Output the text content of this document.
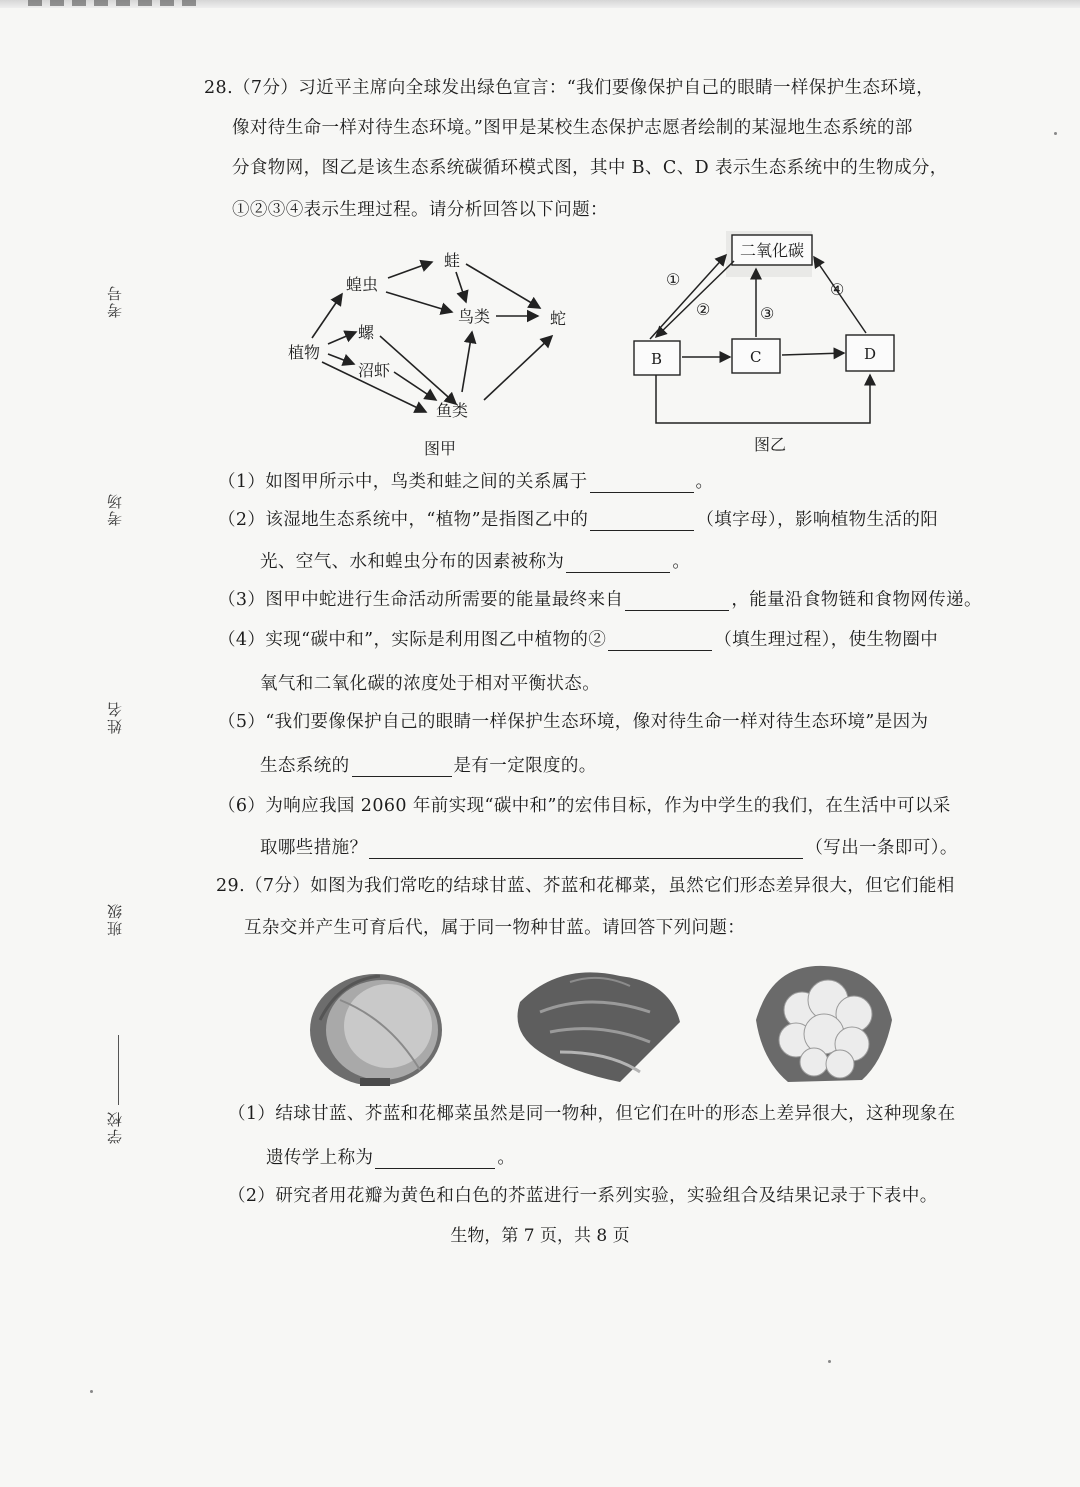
考号
考场
姓名
班级
学校
28.（7分）习近平主席向全球发出绿色宣言：“我们要像保护自己的眼睛一样保护生态环境，
像对待生命一样对待生态环境。”图甲是某校生态保护志愿者绘制的某湿地生态系统的部
分食物网，图乙是该生态系统碳循环模式图，其中 B、C、D 表示生态系统中的生物成分，
①②③④表示生理过程。请分析回答以下问题：
植物
蝗虫
螺
沼虾
蛙
鸟类
鱼类
蛇
图甲
二氧化碳
B	C	D
①
②	③
④
图乙
（1）如图甲所示中，鸟类和蛙之间的关系属于	。
（2）该湿地生态系统中，“植物”是指图乙中的	（填字母），影响植物生活的阳
光、空气、水和蝗虫分布的因素被称为	。
（3）图甲中蛇进行生命活动所需要的能量最终来自	，能量沿食物链和食物网传递。
（4）实现“碳中和”，实际是利用图乙中植物的②	（填生理过程），使生物圈中
氧气和二氧化碳的浓度处于相对平衡状态。
（5）“我们要像保护自己的眼睛一样保护生态环境，像对待生命一样对待生态环境”是因为
生态系统的	是有一定限度的。
（6）为响应我国 2060 年前实现“碳中和”的宏伟目标，作为中学生的我们，在生活中可以采
取哪些措施？	（写出一条即可）。
29.（7分）如图为我们常吃的结球甘蓝、芥蓝和花椰菜，虽然它们形态差异很大，但它们能相
互杂交并产生可育后代，属于同一物种甘蓝。请回答下列问题：
（1）结球甘蓝、芥蓝和花椰菜虽然是同一物种，但它们在叶的形态上差异很大，这种现象在
遗传学上称为	。
（2）研究者用花瓣为黄色和白色的芥蓝进行一系列实验，实验组合及结果记录于下表中。
生物，第 7 页，共 8 页
